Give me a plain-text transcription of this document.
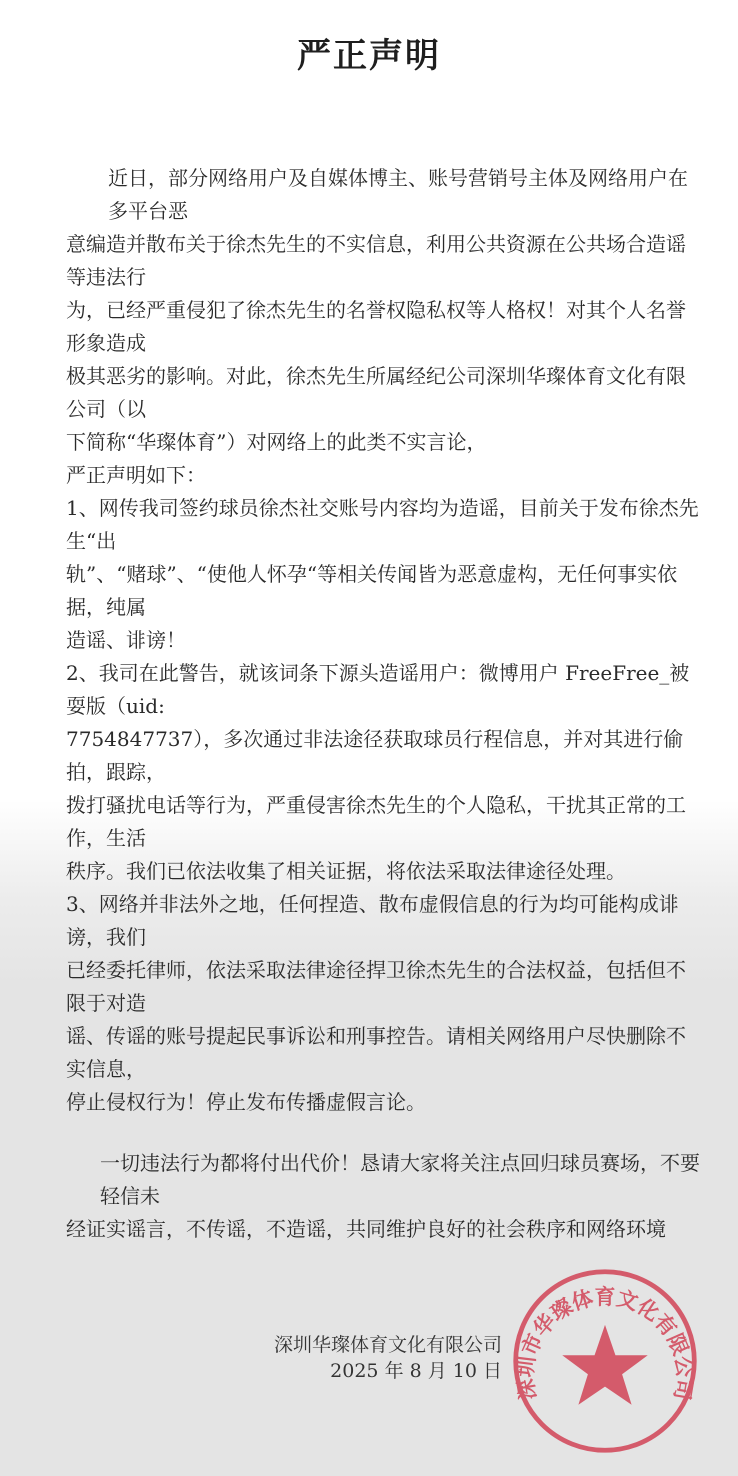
严正声明
近日，部分网络用户及自媒体博主、账号营销号主体及网络用户在多平台恶
意编造并散布关于徐杰先生的不实信息，利用公共资源在公共场合造谣等违法行
为，已经严重侵犯了徐杰先生的名誉权隐私权等人格权！对其个人名誉形象造成
极其恶劣的影响。对此，徐杰先生所属经纪公司深圳华璨体育文化有限公司（以
下简称“华璨体育”）对网络上的此类不实言论，
严正声明如下：
1、网传我司签约球员徐杰社交账号内容均为造谣，目前关于发布徐杰先生“出
轨”、“赌球”、“使他人怀孕“等相关传闻皆为恶意虚构，无任何事实依据，纯属
造谣、诽谤！
2、我司在此警告，就该词条下源头造谣用户：微博用户 FreeFree_被耍版（uid:
7754847737），多次通过非法途径获取球员行程信息，并对其进行偷拍，跟踪，
拨打骚扰电话等行为，严重侵害徐杰先生的个人隐私，干扰其正常的工作，生活
秩序。我们已依法收集了相关证据，将依法采取法律途径处理。
3、网络并非法外之地，任何捏造、散布虚假信息的行为均可能构成诽谤，我们
已经委托律师，依法采取法律途径捍卫徐杰先生的合法权益，包括但不限于对造
谣、传谣的账号提起民事诉讼和刑事控告。请相关网络用户尽快删除不实信息，
停止侵权行为！停止发布传播虚假言论。
一切违法行为都将付出代价！恳请大家将关注点回归球员赛场，不要轻信未
经证实谣言，不传谣，不造谣，共同维护良好的社会秩序和网络环境
深圳华璨体育文化有限公司
2025 年 8 月 10 日
深圳市华璨体育文化有限公司
